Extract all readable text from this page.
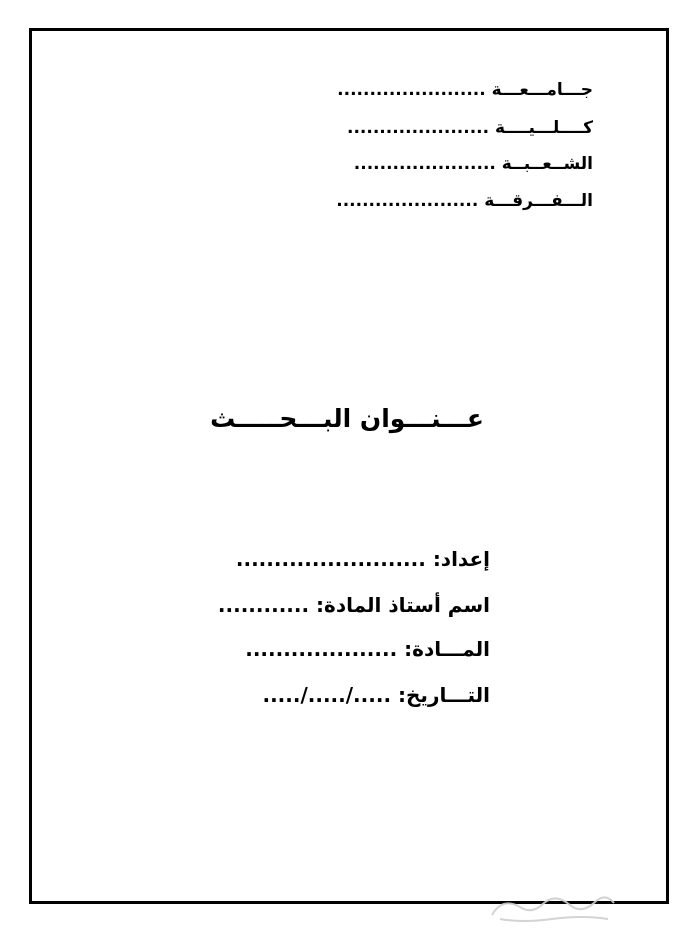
جـــامـــعـــة .......................
كــــلـــيــــة ......................
الشــعــبــة ......................
الـــفـــرقـــة ......................
عـــنـــوان البـــحـــــث
إعداد: .........................
اسم أستاذ المادة: ............
المـــادة: ....................
التـــاريخ: ...../...../.....
